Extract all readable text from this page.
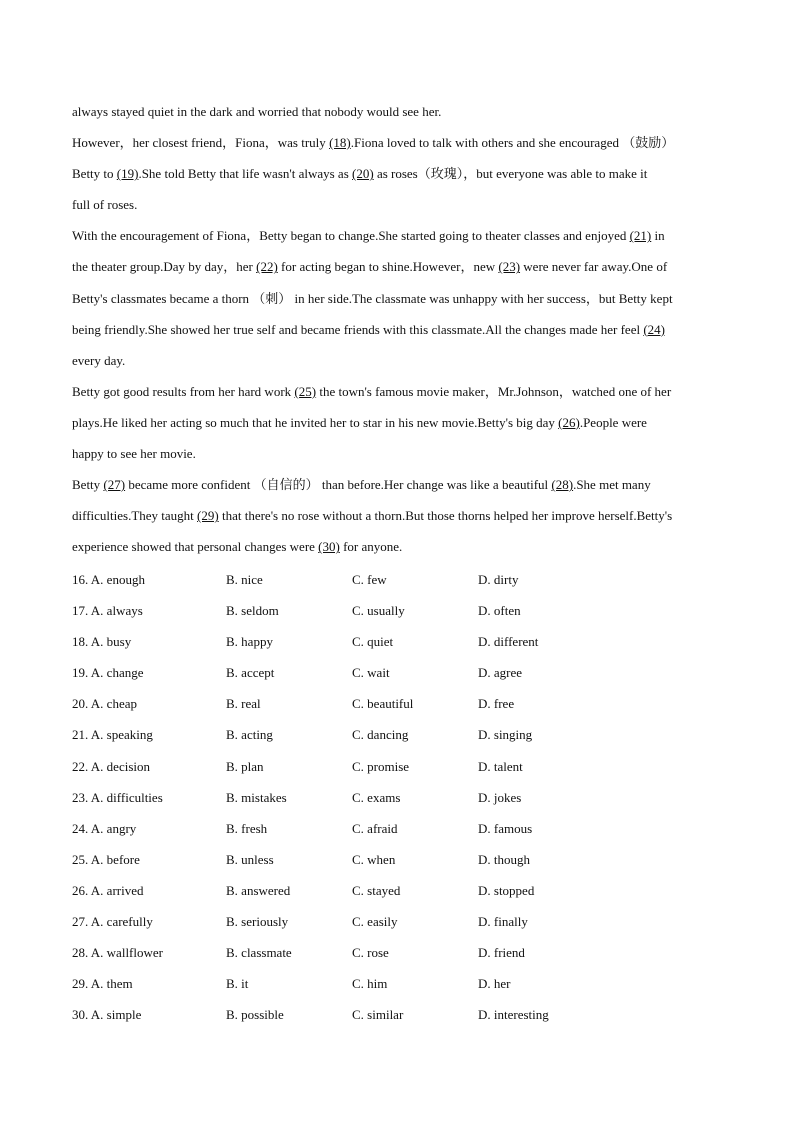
always stayed quiet in the dark and worried that nobody would see her.
However，her closest friend，Fiona，was truly (18).Fiona loved to talk with others and she encouraged （鼓励）
Betty to (19).She told Betty that life wasn't always as (20) as roses（玫瑰），but everyone was able to make it
full of roses.
With the encouragement of Fiona，Betty began to change.She started going to theater classes and enjoyed (21) in
the theater group.Day by day，her (22) for acting began to shine.However，new (23) were never far away.One of
Betty's classmates became a thorn （刺） in her side.The classmate was unhappy with her success，but Betty kept
being friendly.She showed her true self and became friends with this classmate.All the changes made her feel (24)
every day.
Betty got good results from her hard work (25) the town's famous movie maker，Mr.Johnson，watched one of her
plays.He liked her acting so much that he invited her to star in his new movie.Betty's big day (26).People were
happy to see her movie.
Betty (27) became more confident （自信的） than before.Her change was like a beautiful (28).She met many
difficulties.They taught (29) that there's no rose without a thorn.But those thorns helped her improve herself.Betty's
experience showed that personal changes were (30) for anyone.
16. A. enough	B. nice	C. few	D. dirty
17. A. always	B. seldom	C. usually	D. often
18. A. busy	B. happy	C. quiet	D. different
19. A. change	B. accept	C. wait	D. agree
20. A. cheap	B. real	C. beautiful	D. free
21. A. speaking	B. acting	C. dancing	D. singing
22. A. decision	B. plan	C. promise	D. talent
23. A. difficulties	B. mistakes	C. exams	D. jokes
24. A. angry	B. fresh	C. afraid	D. famous
25. A. before	B. unless	C. when	D. though
26. A. arrived	B. answered	C. stayed	D. stopped
27. A. carefully	B. seriously	C. easily	D. finally
28. A. wallflower	B. classmate	C. rose	D. friend
29. A. them	B. it	C. him	D. her
30. A. simple	B. possible	C. similar	D. interesting
